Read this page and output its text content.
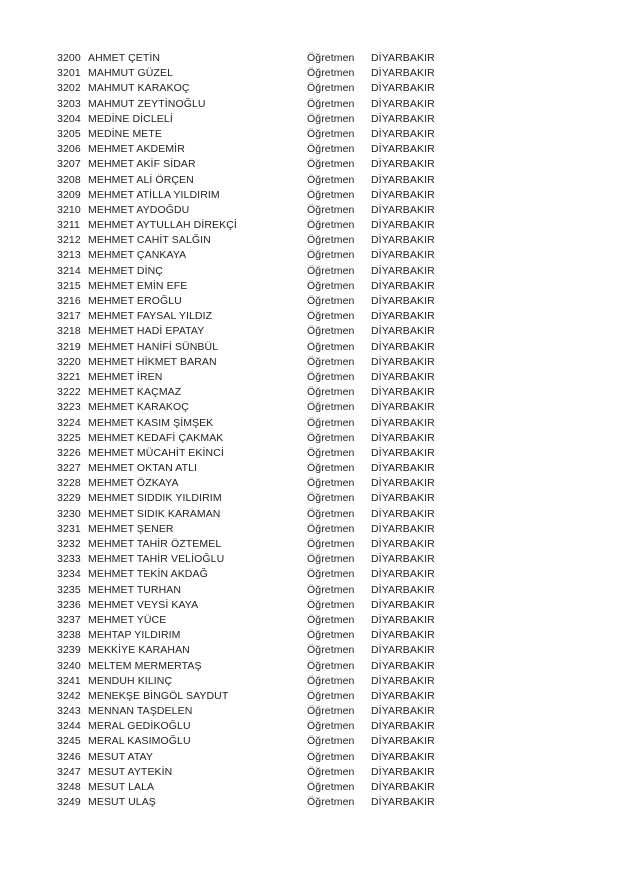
3200 AHMET ÇETİN	Öğretmen	DİYARBAKIR
3201 MAHMUT GÜZEL	Öğretmen	DİYARBAKIR
3202 MAHMUT KARAKOÇ	Öğretmen	DİYARBAKIR
3203 MAHMUT ZEYTİNOĞLU	Öğretmen	DİYARBAKIR
3204 MEDİNE DİCLELİ	Öğretmen	DİYARBAKIR
3205 MEDİNE METE	Öğretmen	DİYARBAKIR
3206 MEHMET AKDEMİR	Öğretmen	DİYARBAKIR
3207 MEHMET AKİF SİDAR	Öğretmen	DİYARBAKIR
3208 MEHMET ALİ ÖRÇEN	Öğretmen	DİYARBAKIR
3209 MEHMET ATİLLA YILDIRIM	Öğretmen	DİYARBAKIR
3210 MEHMET AYDOĞDU	Öğretmen	DİYARBAKIR
3211 MEHMET AYTULLAH DİREKÇİ	Öğretmen	DİYARBAKIR
3212 MEHMET CAHİT SALĞIN	Öğretmen	DİYARBAKIR
3213 MEHMET ÇANKAYA	Öğretmen	DİYARBAKIR
3214 MEHMET DİNÇ	Öğretmen	DİYARBAKIR
3215 MEHMET EMİN EFE	Öğretmen	DİYARBAKIR
3216 MEHMET EROĞLU	Öğretmen	DİYARBAKIR
3217 MEHMET FAYSAL YILDIZ	Öğretmen	DİYARBAKIR
3218 MEHMET HADİ EPATAY	Öğretmen	DİYARBAKIR
3219 MEHMET HANİFİ SÜNBÜL	Öğretmen	DİYARBAKIR
3220 MEHMET HİKMET BARAN	Öğretmen	DİYARBAKIR
3221 MEHMET İREN	Öğretmen	DİYARBAKIR
3222 MEHMET KAÇMAZ	Öğretmen	DİYARBAKIR
3223 MEHMET KARAKOÇ	Öğretmen	DİYARBAKIR
3224 MEHMET KASIM ŞİMŞEK	Öğretmen	DİYARBAKIR
3225 MEHMET KEDAFİ ÇAKMAK	Öğretmen	DİYARBAKIR
3226 MEHMET MÜCAHİT EKİNCİ	Öğretmen	DİYARBAKIR
3227 MEHMET OKTAN ATLI	Öğretmen	DİYARBAKIR
3228 MEHMET ÖZKAYA	Öğretmen	DİYARBAKIR
3229 MEHMET SIDDIK YILDIRIM	Öğretmen	DİYARBAKIR
3230 MEHMET SIDIK KARAMAN	Öğretmen	DİYARBAKIR
3231 MEHMET ŞENER	Öğretmen	DİYARBAKIR
3232 MEHMET TAHİR ÖZTEMEL	Öğretmen	DİYARBAKIR
3233 MEHMET TAHİR VELİOĞLU	Öğretmen	DİYARBAKIR
3234 MEHMET TEKİN AKDAĞ	Öğretmen	DİYARBAKIR
3235 MEHMET TURHAN	Öğretmen	DİYARBAKIR
3236 MEHMET VEYSİ KAYA	Öğretmen	DİYARBAKIR
3237 MEHMET YÜCE	Öğretmen	DİYARBAKIR
3238 MEHTAP YILDIRIM	Öğretmen	DİYARBAKIR
3239 MEKKİYE KARAHAN	Öğretmen	DİYARBAKIR
3240 MELTEM MERMERTAŞ	Öğretmen	DİYARBAKIR
3241 MENDUH KILINÇ	Öğretmen	DİYARBAKIR
3242 MENEKŞE BİNGÖL SAYDUT	Öğretmen	DİYARBAKIR
3243 MENNAN TAŞDELEN	Öğretmen	DİYARBAKIR
3244 MERAL GEDİKOĞLU	Öğretmen	DİYARBAKIR
3245 MERAL KASIMOĞLU	Öğretmen	DİYARBAKIR
3246 MESUT ATAY	Öğretmen	DİYARBAKIR
3247 MESUT AYTEKİN	Öğretmen	DİYARBAKIR
3248 MESUT LALA	Öğretmen	DİYARBAKIR
3249 MESUT ULAŞ	Öğretmen	DİYARBAKIR
